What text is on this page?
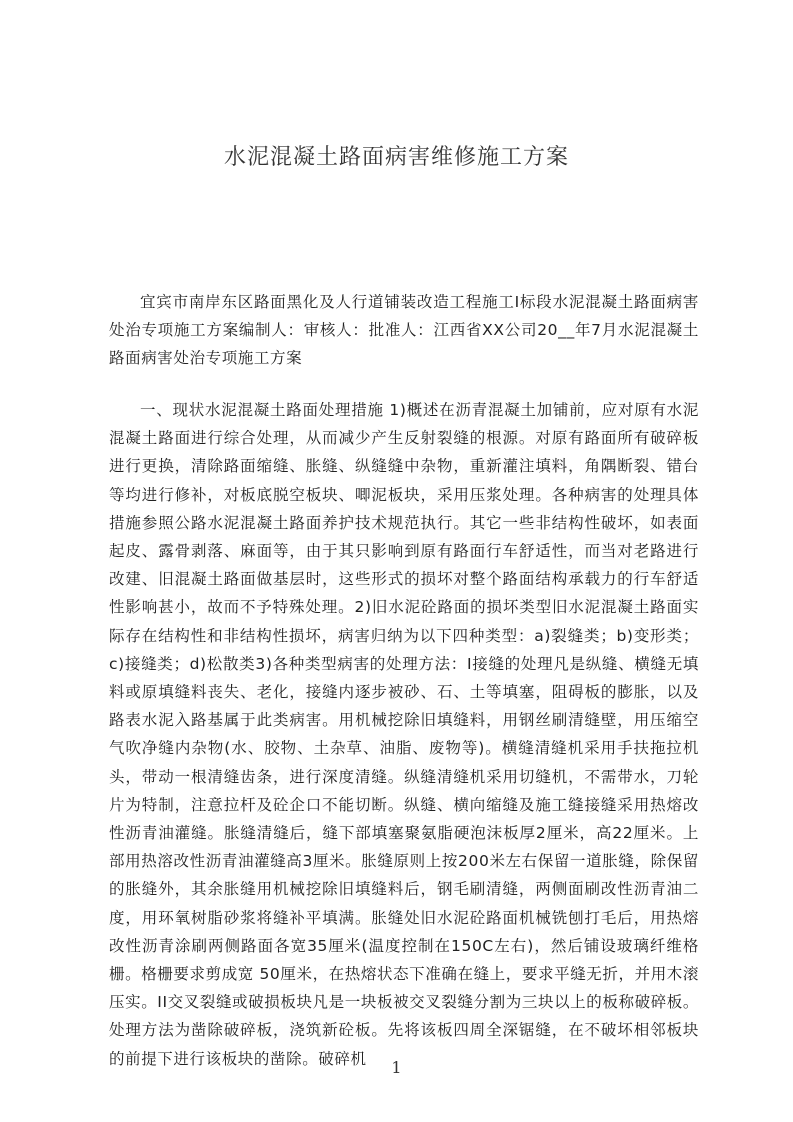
水泥混凝土路面病害维修施工方案

宜宾市南岸东区路面黑化及人行道铺装改造工程施工Ⅰ标段水泥混凝土路面病害处治专项施工方案编制人：审核人：批准人：江西省XX公司20__年7月水泥混凝土路面病害处治专项施工方案

一、现状水泥混凝土路面处理措施 1)概述在沥青混凝土加铺前，应对原有水泥混凝土路面进行综合处理，从而减少产生反射裂缝的根源。对原有路面所有破碎板进行更换，清除路面缩缝、胀缝、纵缝缝中杂物，重新灌注填料，角隅断裂、错台等均进行修补，对板底脱空板块、唧泥板块，采用压浆处理。各种病害的处理具体措施参照公路水泥混凝土路面养护技术规范执行。其它一些非结构性破坏，如表面起皮、露骨剥落、麻面等，由于其只影响到原有路面行车舒适性，而当对老路进行改建、旧混凝土路面做基层时，这些形式的损坏对整个路面结构承载力的行车舒适性影响甚小，故而不予特殊处理。2)旧水泥砼路面的损坏类型旧水泥混凝土路面实际存在结构性和非结构性损坏，病害归纳为以下四种类型：a)裂缝类；b)变形类；c)接缝类；d)松散类3)各种类型病害的处理方法：Ⅰ接缝的处理凡是纵缝、横缝无填料或原填缝料丧失、老化，接缝内逐步被砂、石、土等填塞，阻碍板的膨胀，以及路表水泥入路基属于此类病害。用机械挖除旧填缝料，用钢丝刷清缝壁，用压缩空气吹净缝内杂物(水、胶物、土杂草、油脂、废物等)。横缝清缝机采用手扶拖拉机头，带动一根清缝齿条，进行深度清缝。纵缝清缝机采用切缝机，不需带水，刀轮片为特制，注意拉杆及砼企口不能切断。纵缝、横向缩缝及施工缝接缝采用热熔改性沥青油灌缝。胀缝清缝后，缝下部填塞聚氨脂硬泡沫板厚2厘米，高22厘米。上部用热溶改性沥青油灌缝高3厘米。胀缝原则上按200米左右保留一道胀缝，除保留的胀缝外，其余胀缝用机械挖除旧填缝料后，钢毛刷清缝，两侧面刷改性沥青油二度，用环氧树脂砂浆将缝补平填满。胀缝处旧水泥砼路面机械铣刨打毛后，用热熔改性沥青涂刷两侧路面各宽35厘米(温度控制在150C左右)，然后铺设玻璃纤维格栅。格栅要求剪成宽 50厘米，在热熔状态下准确在缝上，要求平缝无折，并用木滚压实。II交叉裂缝或破损板块凡是一块板被交叉裂缝分割为三块以上的板称破碎板。处理方法为凿除破碎板，浇筑新砼板。先将该板四周全深锯缝，在不破坏相邻板块的前提下进行该板块的凿除。破碎机	1
